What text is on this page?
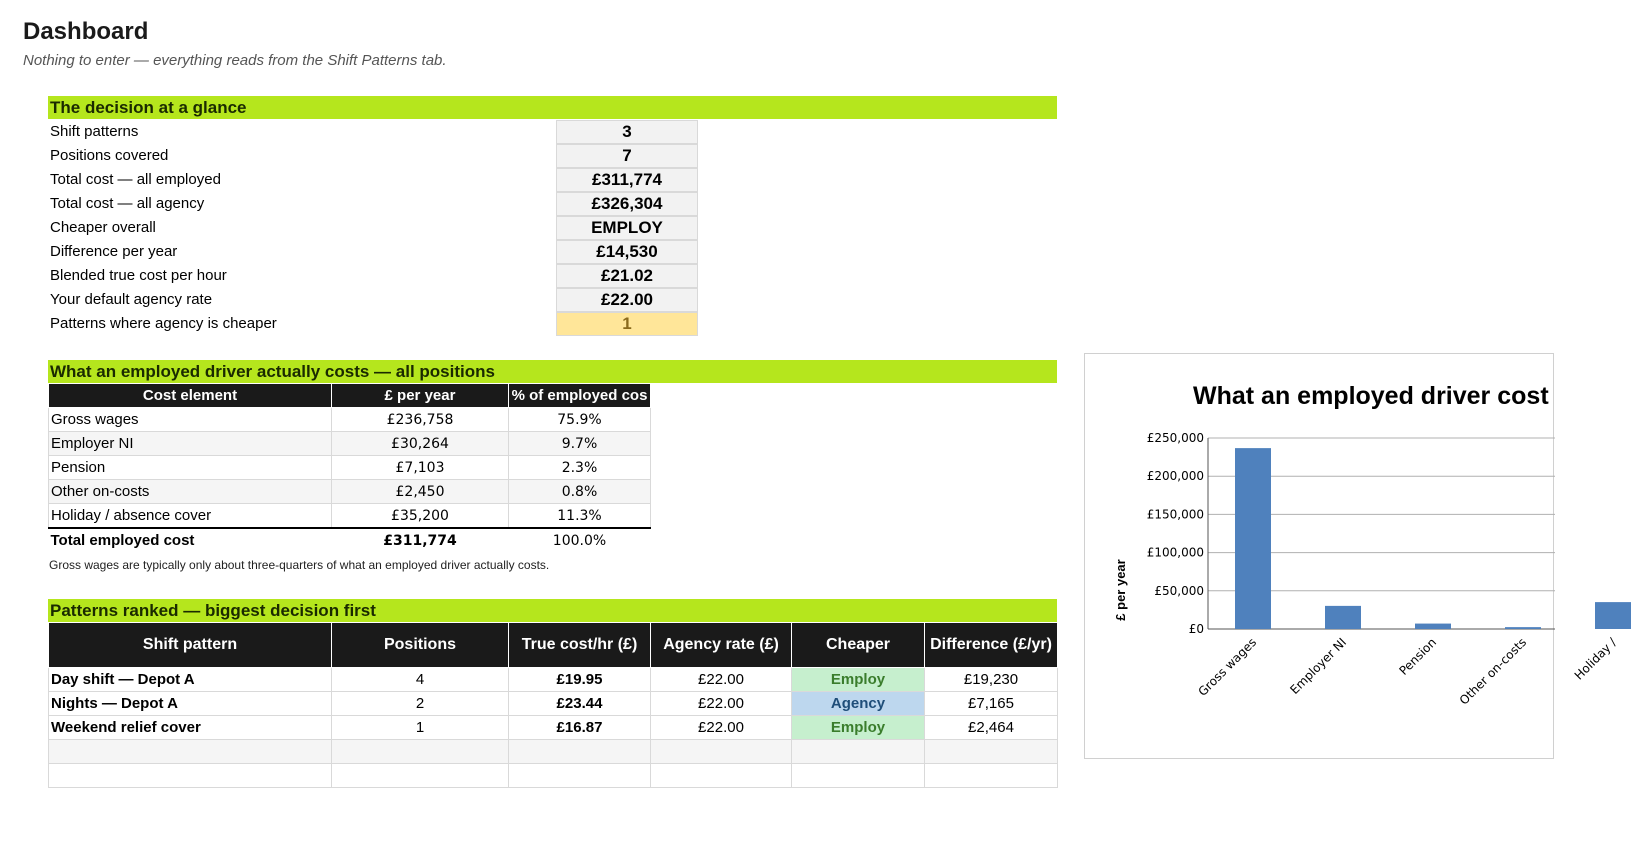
Dashboard
Nothing to enter — everything reads from the Shift Patterns tab.
The decision at a glance
Shift patterns	3
Positions covered	7
Total cost — all employed	£311,774
Total cost — all agency	£326,304
Cheaper overall	EMPLOY
Difference per year	£14,530
Blended true cost per hour	£21.02
Your default agency rate	£22.00
Patterns where agency is cheaper	1
What an employed driver actually costs — all positions
Cost element	£ per year	% of employed cos
Gross wages	£236,758	75.9%
Employer NI	£30,264	9.7%
Pension	£7,103	2.3%
Other on-costs	£2,450	0.8%
Holiday / absence cover	£35,200	11.3%
Total employed cost	£311,774	100.0%
Gross wages are typically only about three-quarters of what an employed driver actually costs.
Patterns ranked — biggest decision first
Shift pattern	Positions	True cost/hr (£)	Agency rate (£)	Cheaper	Difference (£/yr)
Day shift — Depot A	4	£19.95	£22.00	Employ	£19,230
Nights — Depot A	2	£23.44	£22.00	Agency	£7,165
Weekend relief cover	1	£16.87	£22.00	Employ	£2,464

What an employed driver cost
£ per year
£0
£50,000
£100,000
£150,000
£200,000
£250,000
Gross wages Employer NI	Pension Other on-costs	Holiday /
